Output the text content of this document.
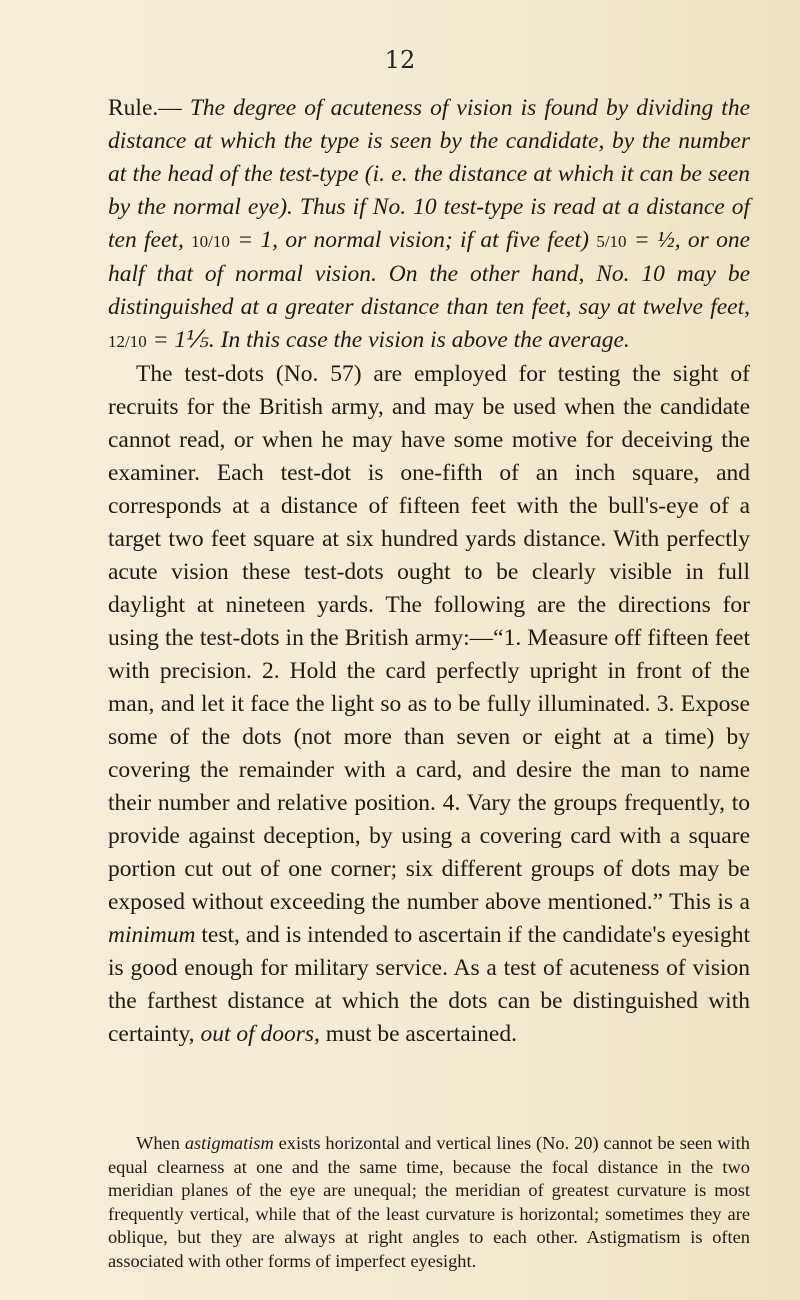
12

Rule.— The degree of acuteness of vision is found by dividing the distance at which the type is seen by the candidate, by the number at the head of the test-type (i. e. the distance at which it can be seen by the normal eye). Thus if No. 10 test-type is read at a distance of ten feet, 10/10 = 1, or normal vision; if at five feet) 5/10 = ½, or one half that of normal vision. On the other hand, No. 10 may be distinguished at a greater distance than ten feet, say at twelve feet, 12/10 = 1⅕. In this case the vision is above the average.

The test-dots (No. 57) are employed for testing the sight of recruits for the British army, and may be used when the candidate cannot read, or when he may have some motive for deceiving the examiner. Each test-dot is one-fifth of an inch square, and corresponds at a distance of fifteen feet with the bull's-eye of a target two feet square at six hundred yards distance. With perfectly acute vision these test-dots ought to be clearly visible in full daylight at nineteen yards. The following are the directions for using the test-dots in the British army:—“1. Measure off fifteen feet with precision. 2. Hold the card perfectly upright in front of the man, and let it face the light so as to be fully illuminated. 3. Expose some of the dots (not more than seven or eight at a time) by covering the remainder with a card, and desire the man to name their number and relative position. 4. Vary the groups frequently, to provide against deception, by using a covering card with a square portion cut out of one corner; six different groups of dots may be exposed without exceeding the number above mentioned.” This is a minimum test, and is intended to ascertain if the candidate's eyesight is good enough for military service. As a test of acuteness of vision the farthest distance at which the dots can be distinguished with certainty, out of doors, must be ascertained.

When astigmatism exists horizontal and vertical lines (No. 20) cannot be seen with equal clearness at one and the same time, because the focal distance in the two meridian planes of the eye are unequal; the meridian of greatest curvature is most frequently vertical, while that of the least curvature is horizontal; sometimes they are oblique, but they are always at right angles to each other. Astigmatism is often associated with other forms of imperfect eyesight.
